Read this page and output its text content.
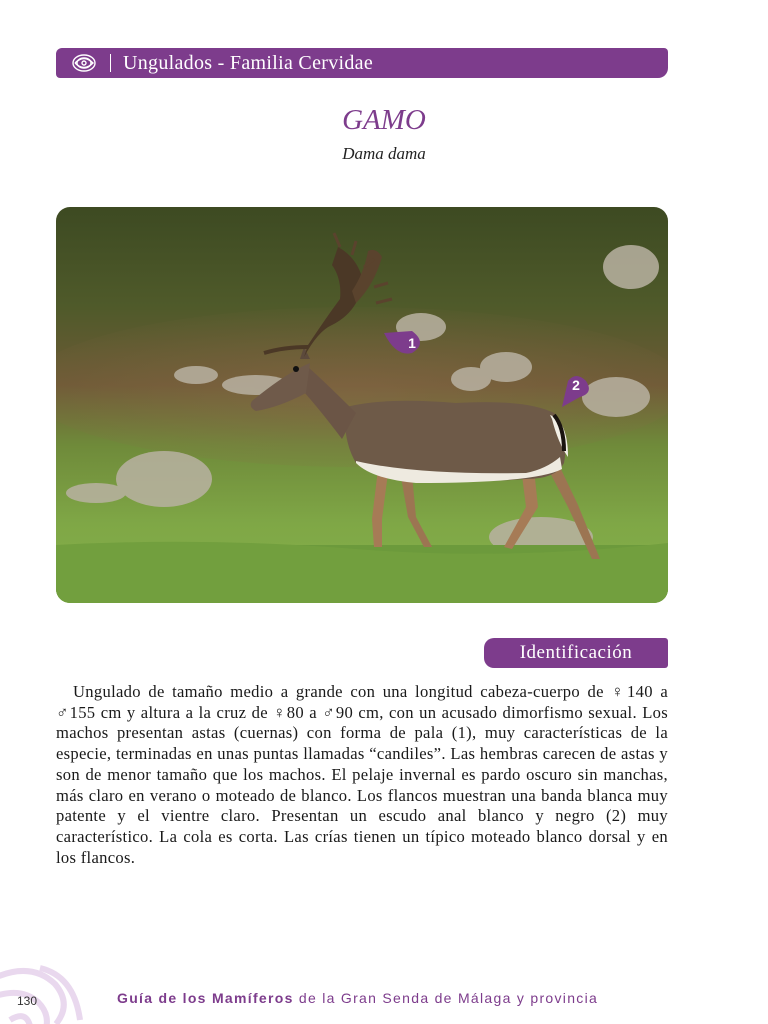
Ungulados - Familia Cervidae
GAMO
Dama dama
1
2
Identificación

Ungulado de tamaño medio a grande con una longitud cabeza-cuerpo de ♀140 a ♂155 cm y altura a la cruz de ♀80 a ♂90 cm, con un acusado dimorfismo sexual. Los machos presentan astas (cuernas) con forma de pala (1), muy características de la especie, terminadas en unas puntas llamadas “candiles”. Las hembras carecen de astas y son de menor tamaño que los machos. El pelaje invernal es pardo oscuro sin manchas, más claro en verano o moteado de blanco. Los flancos muestran una banda blanca muy patente y el vientre claro. Presentan un escudo anal blanco y negro (2) muy característico. La cola es corta. Las crías tienen un típico moteado blanco dorsal y en los flancos.

130	Guía de los Mamíferos de la Gran Senda de Málaga y provincia
